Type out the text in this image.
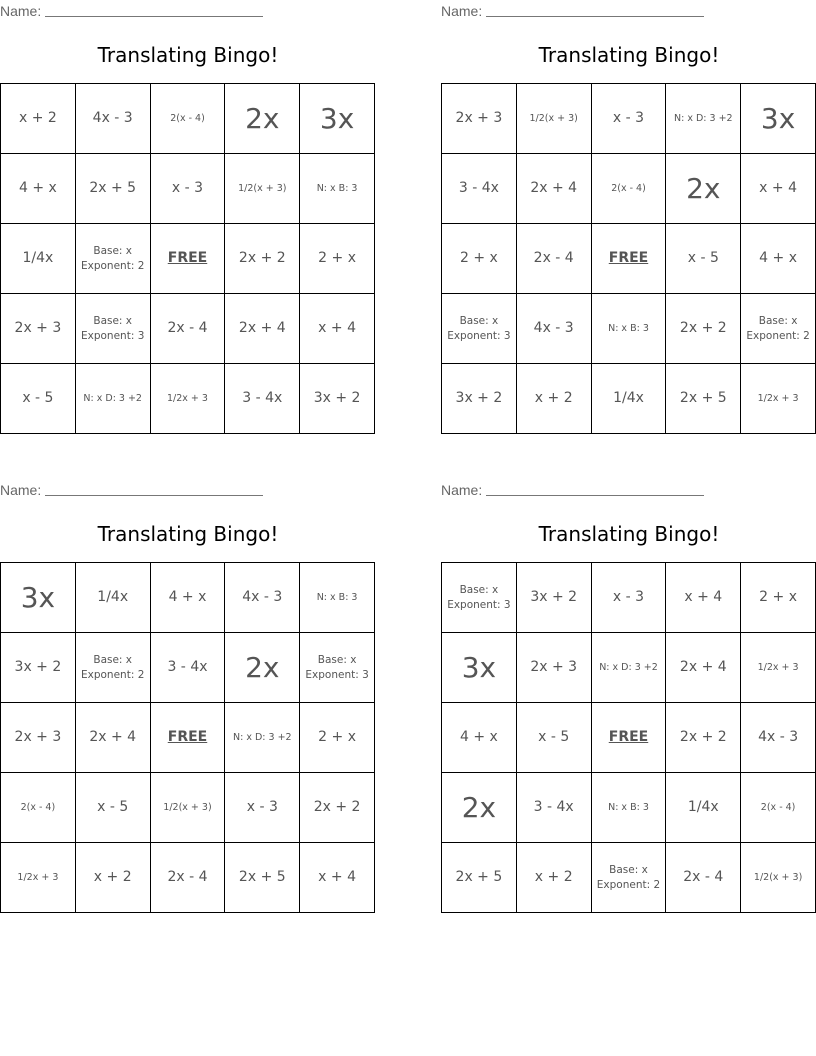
Name:
Translating Bingo!
x + 2	4x - 3	2(x - 4)	2x	3x
4 + x	2x + 5	x - 3	1/2(x + 3)	N: x B: 3
1/4x	Base: x
Exponent: 2	FREE	2x + 2	2 + x
2x + 3	Base: x
Exponent: 3	2x - 4	2x + 4	x + 4
x - 5	N: x D: 3 +2	1/2x + 3	3 - 4x	3x + 2
Name:
Translating Bingo!
2x + 3	1/2(x + 3)	x - 3	N: x D: 3 +2	3x
3 - 4x	2x + 4	2(x - 4)	2x	x + 4
2 + x	2x - 4	FREE	x - 5	4 + x
Base: x
Exponent: 3	4x - 3	N: x B: 3	2x + 2	Base: x
Exponent: 2
3x + 2	x + 2	1/4x	2x + 5	1/2x + 3
Name:
Translating Bingo!
3x	1/4x	4 + x	4x - 3	N: x B: 3
3x + 2	Base: x
Exponent: 2	3 - 4x	2x	Base: x
Exponent: 3
2x + 3	2x + 4	FREE	N: x D: 3 +2	2 + x
2(x - 4)	x - 5	1/2(x + 3)	x - 3	2x + 2
1/2x + 3	x + 2	2x - 4	2x + 5	x + 4
Name:
Translating Bingo!
Base: x
Exponent: 3	3x + 2	x - 3	x + 4	2 + x
3x	2x + 3	N: x D: 3 +2	2x + 4	1/2x + 3
4 + x	x - 5	FREE	2x + 2	4x - 3
2x	3 - 4x	N: x B: 3	1/4x	2(x - 4)
2x + 5	x + 2	Base: x
Exponent: 2	2x - 4	1/2(x + 3)
